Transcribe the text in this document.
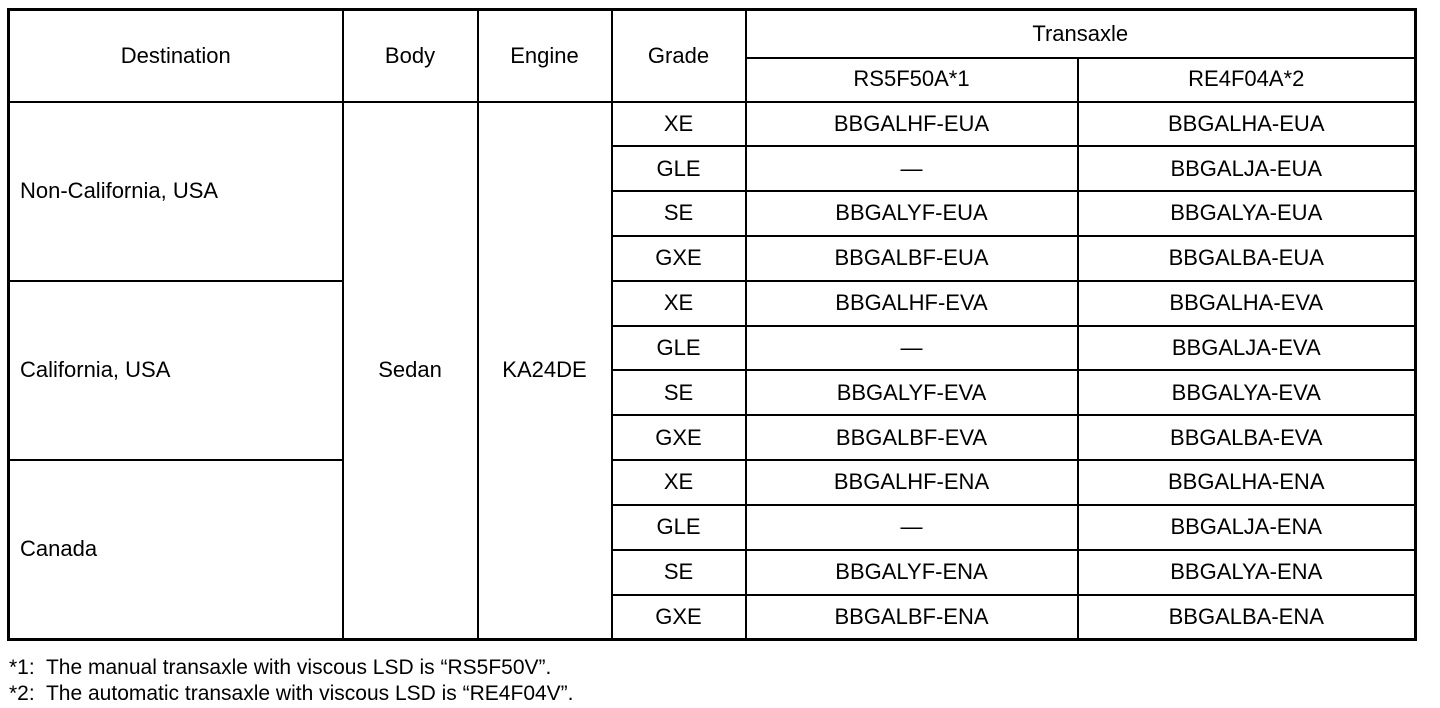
Destination	Body	Engine	Grade	Transaxle	
				RS5F50A*1	RE4F04A*2
Non-California, USA	Sedan	KA24DE	XE	BBGALHF-EUA	BBGALHA-EUA
			GLE	—	BBGALJA-EUA
			SE	BBGALYF-EUA	BBGALYA-EUA
			GXE	BBGALBF-EUA	BBGALBA-EUA
California, USA			XE	BBGALHF-EVA	BBGALHA-EVA
			GLE	—	BBGALJA-EVA
			SE	BBGALYF-EVA	BBGALYA-EVA
			GXE	BBGALBF-EVA	BBGALBA-EVA
Canada			XE	BBGALHF-ENA	BBGALHA-ENA
			GLE	—	BBGALJA-ENA
			SE	BBGALYF-ENA	BBGALYA-ENA
			GXE	BBGALBF-ENA	BBGALBA-ENA
*1:  The manual transaxle with viscous LSD is “RS5F50V”.
*2:  The automatic transaxle with viscous LSD is “RE4F04V”.
